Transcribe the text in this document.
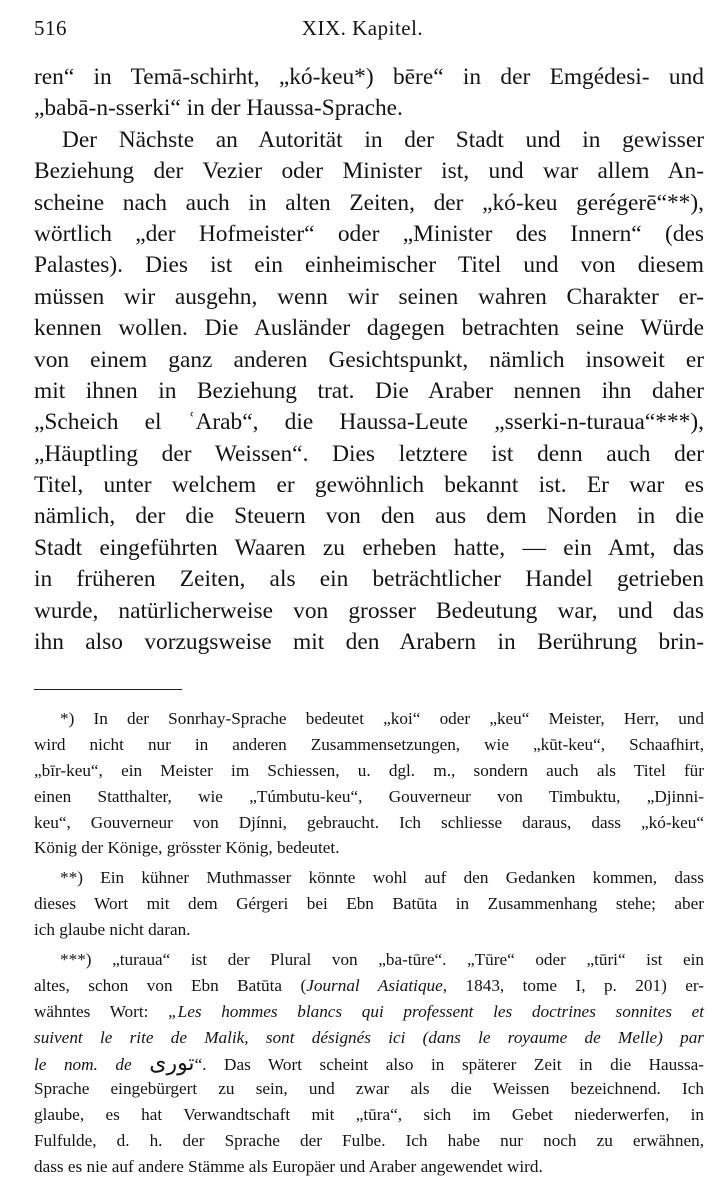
516	XIX. Kapitel.
ren“ in Temā-schirht, „kó-keu*) bēre“ in der Emgédesi- und
„babā-n-sserki“ in der Haussa-Sprache.
Der Nächste an Autorität in der Stadt und in gewisser
Beziehung der Vezier oder Minister ist, und war allem An-
scheine nach auch in alten Zeiten, der „kó-keu gerégerē“**),
wörtlich „der Hofmeister“ oder „Minister des Innern“ (des
Palastes). Dies ist ein einheimischer Titel und von diesem
müssen wir ausgehn, wenn wir seinen wahren Charakter er-
kennen wollen. Die Ausländer dagegen betrachten seine Würde
von einem ganz anderen Gesichtspunkt, nämlich insoweit er
mit ihnen in Beziehung trat. Die Araber nennen ihn daher
„Scheich el ʿArab“, die Haussa-Leute „sserki-n-turaua“***),
„Häuptling der Weissen“. Dies letztere ist denn auch der
Titel, unter welchem er gewöhnlich bekannt ist. Er war es
nämlich, der die Steuern von den aus dem Norden in die
Stadt eingeführten Waaren zu erheben hatte, — ein Amt, das
in früheren Zeiten, als ein beträchtlicher Handel getrieben
wurde, natürlicherweise von grosser Bedeutung war, und das
ihn also vorzugsweise mit den Arabern in Berührung brin-
*) In der Sonrhay-Sprache bedeutet „koi“ oder „keu“ Meister, Herr, und
wird nicht nur in anderen Zusammensetzungen, wie „kūt-keu“, Schaafhirt,
„bīr-keu“, ein Meister im Schiessen, u. dgl. m., sondern auch als Titel für
einen Statthalter, wie „Túmbutu-keu“, Gouverneur von Timbuktu, „Djinni-
keu“, Gouverneur von Djínni, gebraucht. Ich schliesse daraus, dass „kó-keu“
König der Könige, grösster König, bedeutet.
**) Ein kühner Muthmasser könnte wohl auf den Gedanken kommen, dass
dieses Wort mit dem Gérgeri bei Ebn Batūta in Zusammenhang stehe; aber
ich glaube nicht daran.
***) „turaua“ ist der Plural von „ba-tūre“. „Tūre“ oder „tūri“ ist ein
altes, schon von Ebn Batūta (Journal Asiatique, 1843, tome I, p. 201) er-
wähntes Wort: „Les hommes blancs qui professent les doctrines sonnites et
suivent le rite de Malik, sont désignés ici (dans le royaume de Melle) par
le nom. de تورى“. Das Wort scheint also in späterer Zeit in die Haussa-
Sprache eingebürgert zu sein, und zwar als die Weissen bezeichnend. Ich
glaube, es hat Verwandtschaft mit „tūra“, sich im Gebet niederwerfen, in
Fulfulde, d. h. der Sprache der Fulbe. Ich habe nur noch zu erwähnen,
dass es nie auf andere Stämme als Europäer und Araber angewendet wird.
